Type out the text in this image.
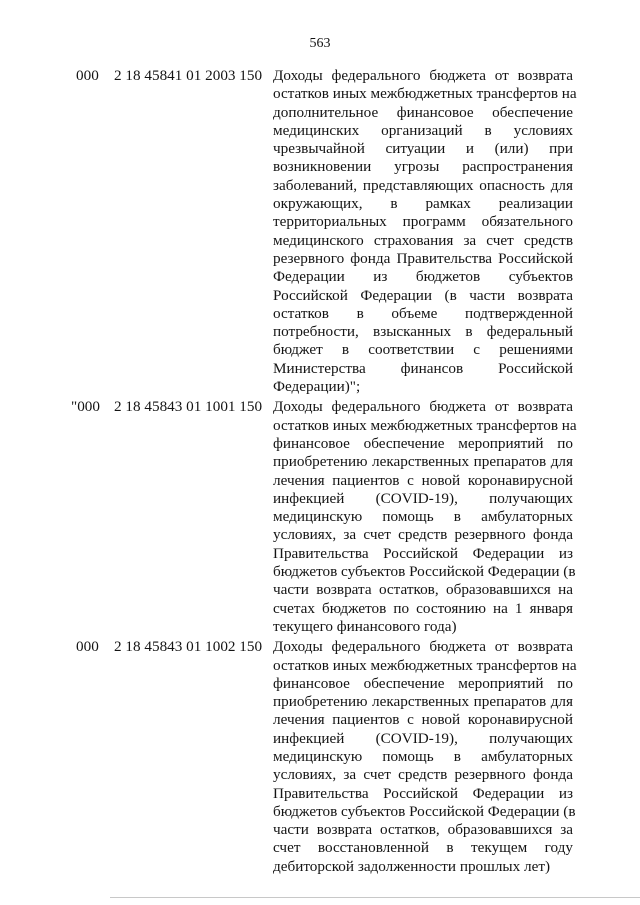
563
000 2 18 45841 01 2003 150 Доходы федерального бюджета от возврата
остатков иных межбюджетных трансфертов на
дополнительное финансовое обеспечение
медицинских организаций в условиях
чрезвычайной ситуации и (или) при
возникновении угрозы распространения
заболеваний, представляющих опасность для
окружающих, в рамках реализации
территориальных программ обязательного
медицинского страхования за счет средств
резервного фонда Правительства Российской
Федерации из бюджетов субъектов
Российской Федерации (в части возврата
остатков в объеме подтвержденной
потребности, взысканных в федеральный
бюджет в соответствии с решениями
Министерства финансов Российской
Федерации)";
"000 2 18 45843 01 1001 150 Доходы федерального бюджета от возврата
остатков иных межбюджетных трансфертов на
финансовое обеспечение мероприятий по
приобретению лекарственных препаратов для
лечения пациентов с новой коронавирусной
инфекцией (COVID-19), получающих
медицинскую помощь в амбулаторных
условиях, за счет средств резервного фонда
Правительства Российской Федерации из
бюджетов субъектов Российской Федерации (в
части возврата остатков, образовавшихся на
счетах бюджетов по состоянию на 1 января
текущего финансового года)
000 2 18 45843 01 1002 150 Доходы федерального бюджета от возврата
остатков иных межбюджетных трансфертов на
финансовое обеспечение мероприятий по
приобретению лекарственных препаратов для
лечения пациентов с новой коронавирусной
инфекцией (COVID-19), получающих
медицинскую помощь в амбулаторных
условиях, за счет средств резервного фонда
Правительства Российской Федерации из
бюджетов субъектов Российской Федерации (в
части возврата остатков, образовавшихся за
счет восстановленной в текущем году
дебиторской задолженности прошлых лет)
